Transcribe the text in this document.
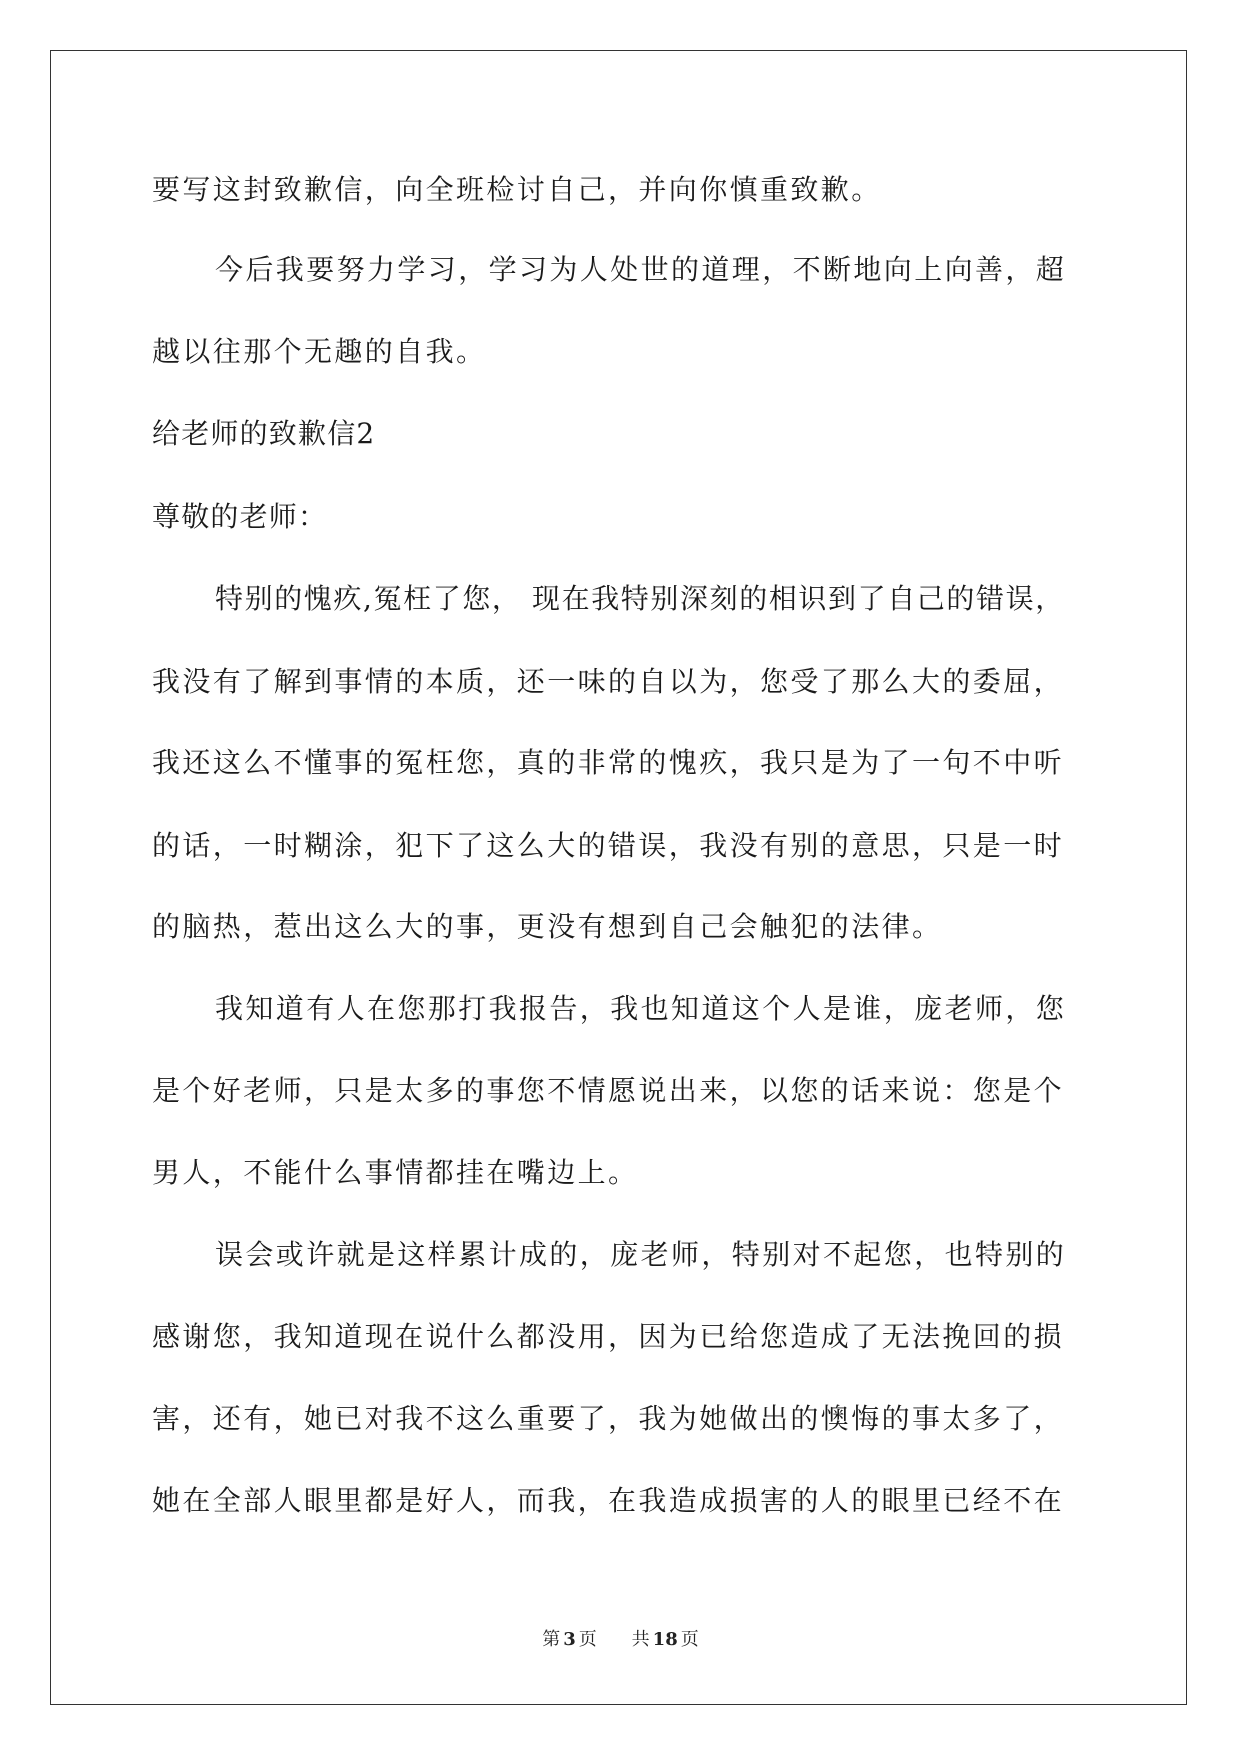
要写这封致歉信，向全班检讨自己，并向你慎重致歉。

今后我要努力学习，学习为人处世的道理，不断地向上向善，超

越以往那个无趣的自我。

给老师的致歉信2

尊敬的老师：

特别的愧疚,冤枉了您， 现在我特别深刻的相识到了自己的错误，

我没有了解到事情的本质，还一味的自以为，您受了那么大的委屈，

我还这么不懂事的冤枉您，真的非常的愧疚，我只是为了一句不中听

的话，一时糊涂，犯下了这么大的错误，我没有别的意思，只是一时

的脑热，惹出这么大的事，更没有想到自己会触犯的法律。

我知道有人在您那打我报告，我也知道这个人是谁，庞老师，您

是个好老师，只是太多的事您不情愿说出来，以您的话来说：您是个

男人，不能什么事情都挂在嘴边上。

误会或许就是这样累计成的，庞老师，特别对不起您，也特别的

感谢您，我知道现在说什么都没用，因为已给您造成了无法挽回的损

害，还有，她已对我不这么重要了，我为她做出的懊悔的事太多了，

她在全部人眼里都是好人，而我，在我造成损害的人的眼里已经不在

第 3 页 共 18 页
